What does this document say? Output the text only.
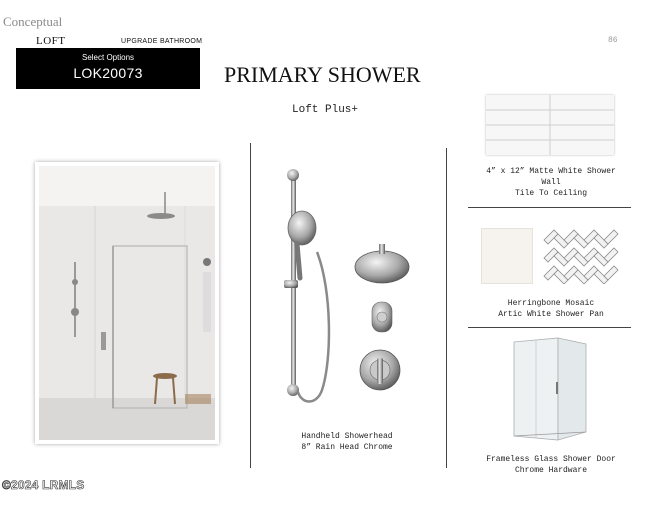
Conceptual
LOFT	UPGRADE BATHROOM	86
Select Options
LOK20073	PRIMARY SHOWER
Loft Plus+
Handheld Showerhead
8” Rain Head Chrome
4” x 12” Matte White Shower
Wall
Tile To Ceiling
Herringbone Mosaic
Artic White Shower Pan
Frameless Glass Shower Door
Chrome Hardware
©2024 LRMLS
